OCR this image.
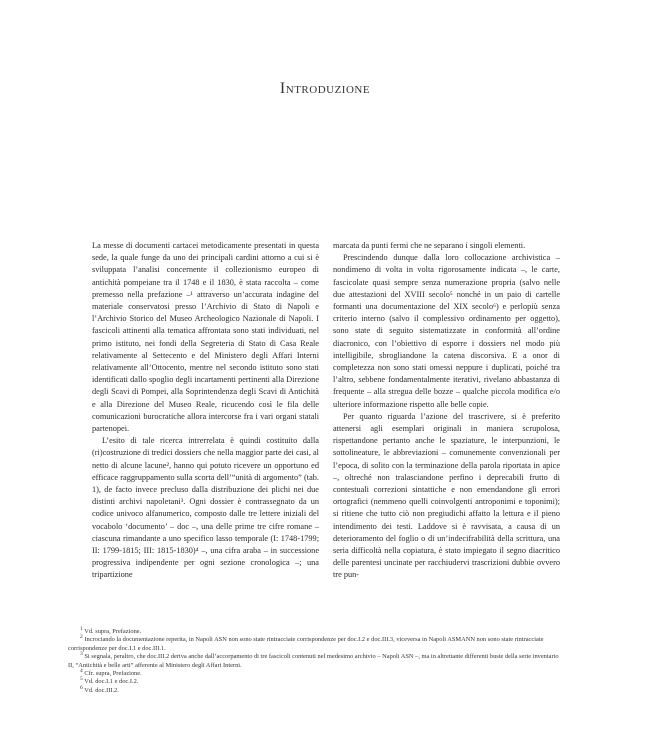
Introduzione

La messe di documenti cartacei metodicamente presentati in questa sede, la quale funge da uno dei principali cardini attorno a cui si è sviluppata l’analisi concernente il collezionismo europeo di antichità pompeiane tra il 1748 e il 1830, è stata raccolta – come premesso nella prefazione –¹ attraverso un’accurata indagine del materiale conservatosi presso l’Archivio di Stato di Napoli e l’Archivio Storico del Museo Archeologico Nazionale di Napoli. I fascicoli attinenti alla tematica affrontata sono stati individuati, nel primo istituto, nei fondi della Segreteria di Stato di Casa Reale relativamente al Settecento e del Ministero degli Affari Interni relativamente all’Ottocento, mentre nel secondo istituto sono stati identificati dallo spoglio degli incartamenti pertinenti alla Direzione degli Scavi di Pompei, alla Soprintendenza degli Scavi di Antichità e alla Direzione del Museo Reale, ricucendo così le fila delle comunicazioni burocratiche allora intercorse fra i vari organi statali partenopei.

L’esito di tale ricerca intrerrelata è quindi costituito dalla (ri)costruzione di tredici dossiers che nella maggior parte dei casi, al netto di alcune lacune², hanno qui potuto ricevere un opportuno ed efficace raggruppamento sulla scorta dell’“unità di argomento” (tab. 1), de facto invece precluso dalla distribuzione dei plichi nei due distinti archivi napoletani³. Ogni dossier è contrassegnato da un codice univoco alfanumerico, composto dalle tre lettere iniziali del vocabolo ‘documento’ – doc –, una delle prime tre cifre romane – ciascuna rimandante a uno specifico lasso temporale (I: 1748-1799; II: 1799-1815; III: 1815-1830)⁴ –, una cifra araba – in successione progressiva indipendente per ogni sezione cronologica –; una tripartizione

marcata da punti fermi che ne separano i singoli elementi.

Prescindendo dunque dalla loro collocazione archivistica – nondimeno di volta in volta rigorosamente indicata –, le carte, fascicolate quasi sempre senza numerazione propria (salvo nelle due attestazioni del XVIII secolo⁵ nonché in un paio di cartelle formanti una documentazione del XIX secolo⁶) e perlopiù senza criterio interno (salvo il complessivo ordinamento per oggetto), sono state di seguito sistematizzate in conformità all’ordine diacronico, con l’obiettivo di esporre i dossiers nel modo più intelligibile, sbrogliandone la catena discorsiva. E a onor di completezza non sono stati omessi neppure i duplicati, poiché tra l’altro, sebbene fondamentalmente iterativi, rivelano abbastanza di frequente – alla stregua delle bozze – qualche piccola modifica e/o ulteriore informazione rispetto alle belle copie.

Per quanto riguarda l’azione del trascrivere, si è preferito attenersi agli esemplari originali in maniera scrupolosa, rispettandone pertanto anche le spaziature, le interpunzioni, le sottolineature, le abbreviazioni – comunemente convenzionali per l’epoca, di solito con la terminazione della parola riportata in apice –, oltreché non tralasciandone perfino i deprecabili frutto di contestuali correzioni sintattiche e non emendandone gli errori ortografici (nemmeno quelli coinvolgenti antroponimi e toponimi); si ritiene che tutto ciò non pregiudichi affatto la lettura e il pieno intendimento dei testi. Laddove si è ravvisata, a causa di un deterioramento del foglio o di un’indecifrabilità della scrittura, una seria difficoltà nella copiatura, è stato impiegato il segno diacritico delle parentesi uncinate per racchiudervi trascrizioni dubbie ovvero tre pun-

$^1$ Vd. supra, Prefazione.

$^2$ Incrociando la documentazione reperita, in Napoli ASN non sono state rintracciate corrispondenze per doc.I.2 e doc.III.3, viceversa in Napoli ASMANN non sono state rintracciate corrispondenze per doc.I.1 e doc.III.1.

$^3$ Si segnala, peraltro, che doc.III.2 deriva anche dall’accorpamento di tre fascicoli contenuti nel medesimo archivio – Napoli ASN –, ma in altrettante differenti buste della serie inventario II, “Antichità e belle arti” afferente al Ministero degli Affari Interni.

$^4$ Cfr. supra, Prefazione.

$^5$ Vd. doc.I.1 e doc.I.2.

$^6$ Vd. doc.III.2.
